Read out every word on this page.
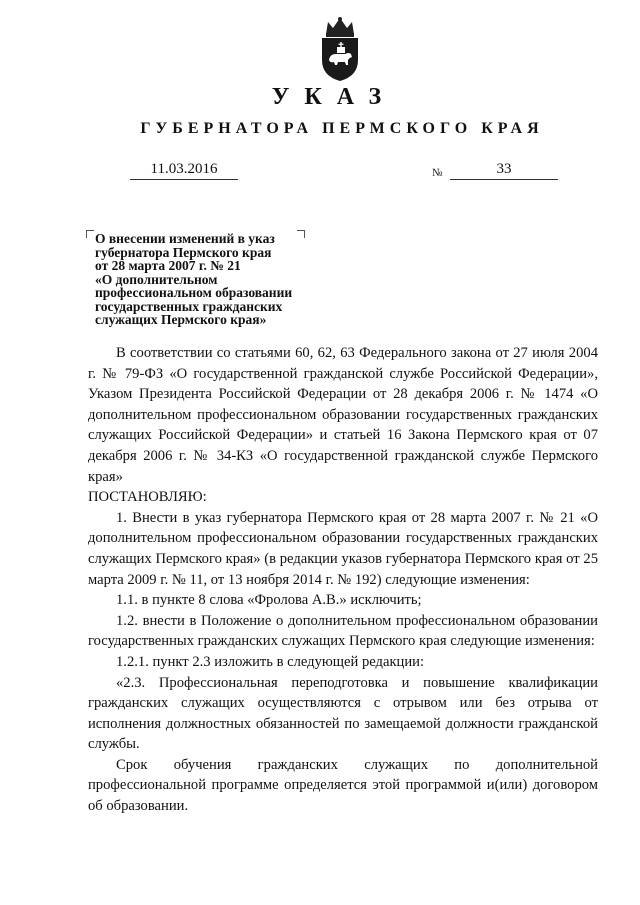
УКАЗ
ГУБЕРНАТОРА ПЕРМСКОГО КРАЯ
11.03.2016	№	33
О внесении изменений в указ
губернатора Пермского края
от 28 марта 2007 г. № 21
«О дополнительном
профессиональном образовании
государственных гражданских
служащих Пермского края»

В соответствии со статьями 60, 62, 63 Федерального закона от 27 июля 2004 г. № 79-ФЗ «О государственной гражданской службе Российской Федерации», Указом Президента Российской Федерации от 28 декабря 2006 г. № 1474 «О дополнительном профессиональном образовании государственных гражданских служащих Российской Федерации» и статьей 16 Закона Пермского края от 07 декабря 2006 г. № 34-КЗ «О государственной гражданской службе Пермского края»

ПОСТАНОВЛЯЮ:

1. Внести в указ губернатора Пермского края от 28 марта 2007 г. № 21 «О дополнительном профессиональном образовании государственных гражданских служащих Пермского края» (в редакции указов губернатора Пермского края от 25 марта 2009 г. № 11, от 13 ноября 2014 г. № 192) следующие изменения:

1.1. в пункте 8 слова «Фролова А.В.» исключить;

1.2. внести в Положение о дополнительном профессиональном образовании государственных гражданских служащих Пермского края следующие изменения:

1.2.1. пункт 2.3 изложить в следующей редакции:

«2.3. Профессиональная переподготовка и повышение квалификации гражданских служащих осуществляются с отрывом или без отрыва от исполнения должностных обязанностей по замещаемой должности гражданской службы.

Срок обучения гражданских служащих по дополнительной профессиональной программе определяется этой программой и(или) договором об образовании.
